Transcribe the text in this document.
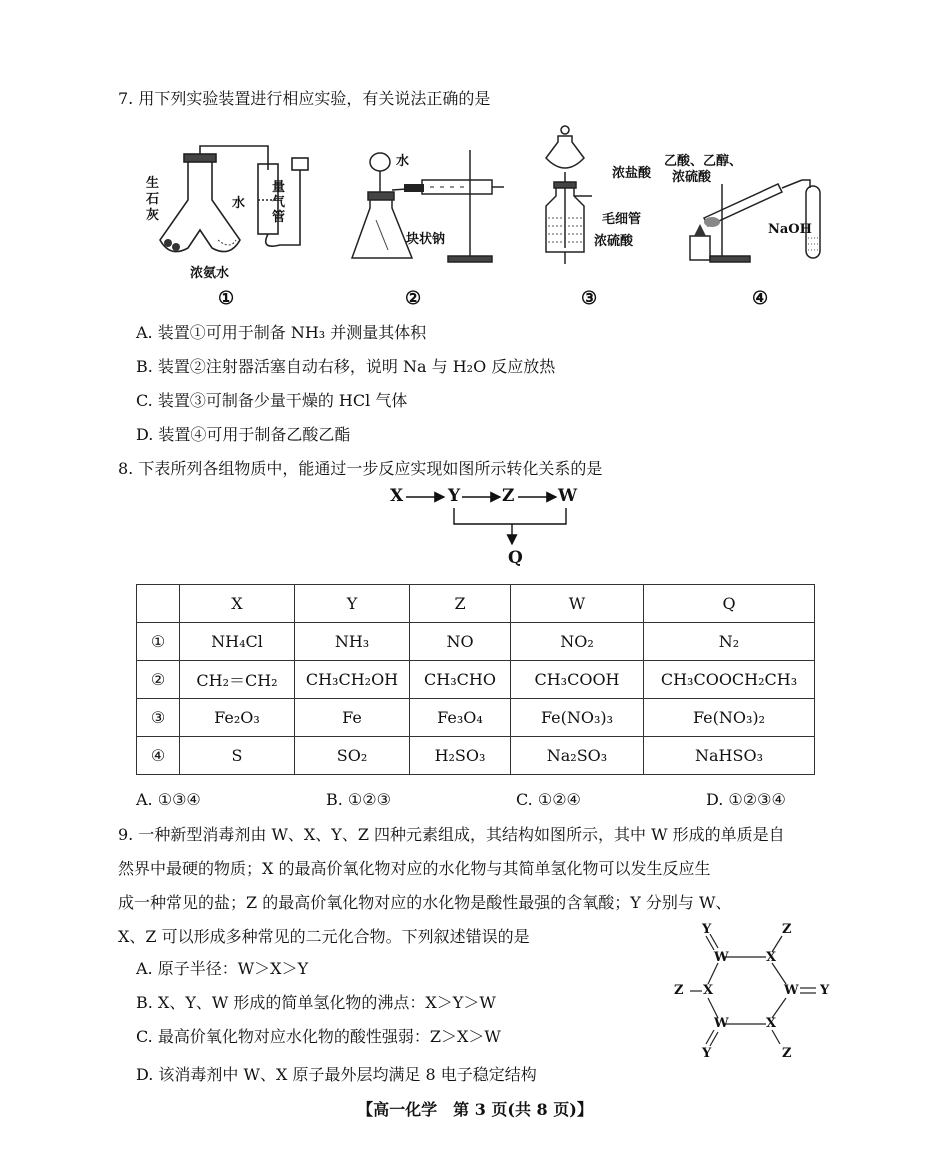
7. 用下列实验装置进行相应实验，有关说法正确的是
生
石
灰
浓氨水
水
量
气
管
①
水
块状钠
②
浓盐酸
毛细管
浓硫酸
③
乙酸、乙醇、
浓硫酸
NaOH
④
A. 装置①可用于制备 NH₃ 并测量其体积
B. 装置②注射器活塞自动右移，说明 Na 与 H₂O 反应放热
C. 装置③可制备少量干燥的 HCl 气体
D. 装置④可用于制备乙酸乙酯
8. 下表所列各组物质中，能通过一步反应实现如图所示转化关系的是
X	Y Z	W
Q
	X	Y	Z	W	Q
①	NH₄Cl	NH₃	NO	NO₂	N₂
②	CH₂＝CH₂	CH₃CH₂OH	CH₃CHO	CH₃COOH	CH₃COOCH₂CH₃
③	Fe₂O₃	Fe	Fe₃O₄	Fe(NO₃)₃	Fe(NO₃)₂
④	S	SO₂	H₂SO₃	Na₂SO₃	NaHSO₃
A. ①③④	B. ①②③	C. ①②④	D. ①②③④
9. 一种新型消毒剂由 W、X、Y、Z 四种元素组成，其结构如图所示，其中 W 形成的单质是自
然界中最硬的物质；X 的最高价氧化物对应的水化物与其简单氢化物可以发生反应生
成一种常见的盐；Z 的最高价氧化物对应的水化物是酸性最强的含氧酸；Y 分别与 W、
X、Z 可以形成多种常见的二元化合物。下列叙述错误的是
A. 原子半径：W＞X＞Y
B. X、Y、W 形成的简单氢化物的沸点：X＞Y＞W
C. 最高价氧化物对应水化物的酸性强弱：Z＞X＞W
D. 该消毒剂中 W、X 原子最外层均满足 8 电子稳定结构
Y	Z
W	X
Z X	W Y
W	X
Y	Z
【高一化学　第 3 页(共 8 页)】
